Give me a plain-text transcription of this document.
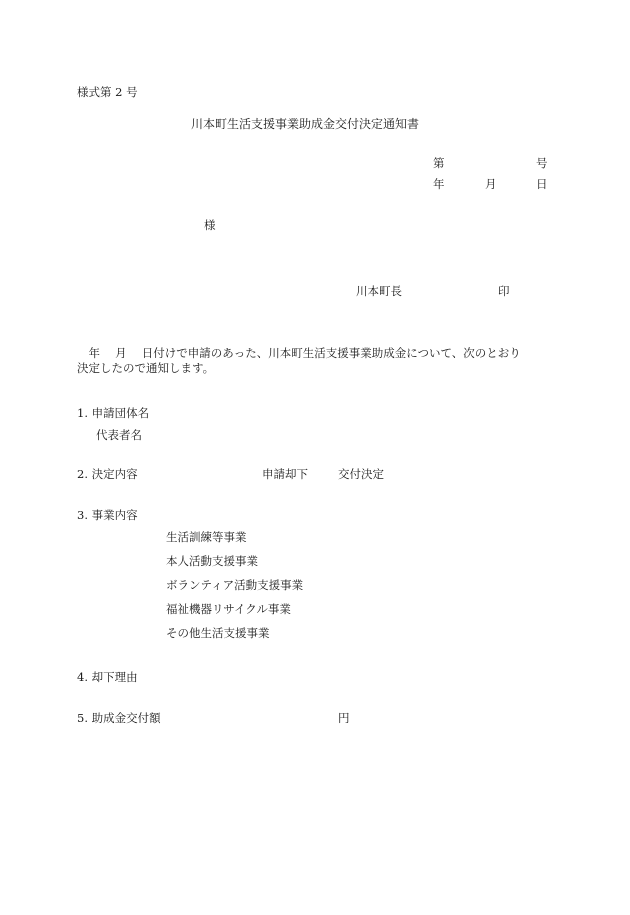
様式第 2 号
川本町生活支援事業助成金交付決定通知書
第	号
年	月	日
様
川本町長	印
　年　 月　 日付けで申請のあった、川本町生活支援事業助成金について、次のとおり
決定したので通知します。
1. 申請団体名
代表者名
2. 決定内容	申請却下	交付決定
3. 事業内容
生活訓練等事業
本人活動支援事業
ボランティア活動支援事業
福祉機器リサイクル事業
その他生活支援事業
4. 却下理由
5. 助成金交付額	円
